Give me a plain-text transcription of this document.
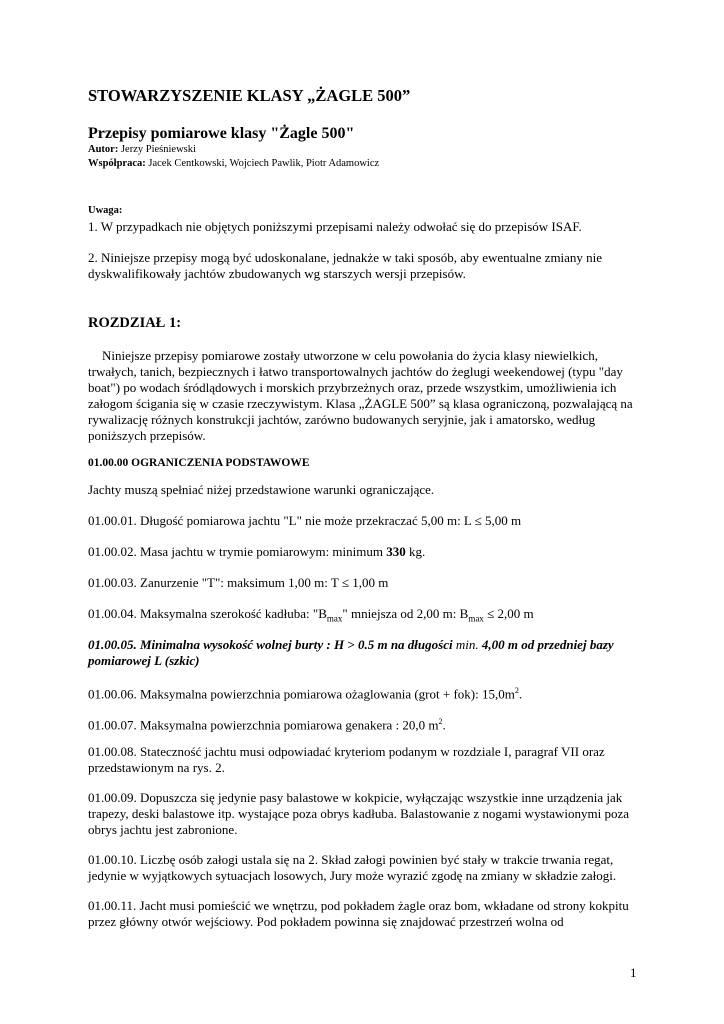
STOWARZYSZENIE KLASY „ŻAGLE 500”
Przepisy pomiarowe klasy "Żagle 500"
Autor: Jerzy Pieśniewski
Współpraca: Jacek Centkowski, Wojciech Pawlik, Piotr Adamowicz
Uwaga:
1. W przypadkach nie objętych poniższymi przepisami należy odwołać się do przepisów ISAF.
2. Niniejsze przepisy mogą być udoskonalane, jednakże w taki sposób, aby ewentualne zmiany nie dyskwalifikowały jachtów zbudowanych wg starszych wersji przepisów.
ROZDZIAŁ 1:
Niniejsze przepisy pomiarowe zostały utworzone w celu powołania do życia klasy niewielkich, trwałych, tanich, bezpiecznych i łatwo transportowalnych jachtów do żeglugi weekendowej (typu "day boat") po wodach śródlądowych i morskich przybrzeżnych oraz, przede wszystkim, umożliwienia ich załogom ścigania się w czasie rzeczywistym. Klasa „ŻAGLE 500” są klasa ograniczoną, pozwalającą na rywalizację różnych konstrukcji jachtów, zarówno budowanych seryjnie, jak i amatorsko, według poniższych przepisów.
01.00.00 OGRANICZENIA PODSTAWOWE
Jachty muszą spełniać niżej przedstawione warunki ograniczające.
01.00.01. Długość pomiarowa jachtu "L" nie może przekraczać 5,00 m: L ≤ 5,00 m
01.00.02. Masa jachtu w trymie pomiarowym: minimum 330 kg.
01.00.03. Zanurzenie "T": maksimum 1,00 m: T ≤ 1,00 m
01.00.04. Maksymalna szerokość kadłuba: "$B_{max}$" mniejsza od 2,00 m: $B_{max} \le 2,00$ m
01.00.05. Minimalna wysokość wolnej burty : H > 0.5 m na długości min. 4,00 m od przedniej bazy pomiarowej L (szkic)
01.00.06. Maksymalna powierzchnia pomiarowa ożaglowania (grot + fok): $15,0m^2$.
01.00.07. Maksymalna powierzchnia pomiarowa genakera : 20,0 $m^2$.
01.00.08. Stateczność jachtu musi odpowiadać kryteriom podanym w rozdziale I, paragraf VII oraz przedstawionym na rys. 2.
01.00.09. Dopuszcza się jedynie pasy balastowe w kokpicie, wyłączając wszystkie inne urządzenia jak trapezy, deski balastowe itp. wystające poza obrys kadłuba. Balastowanie z nogami wystawionymi poza obrys jachtu jest zabronione.
01.00.10. Liczbę osób załogi ustala się na 2. Skład załogi powinien być stały w trakcie trwania regat, jedynie w wyjątkowych sytuacjach losowych, Jury może wyrazić zgodę na zmiany w składzie załogi.
01.00.11. Jacht musi pomieścić we wnętrzu, pod pokładem żagle oraz bom, wkładane od strony kokpitu przez główny otwór wejściowy. Pod pokładem powinna się znajdować przestrzeń wolna od
1
